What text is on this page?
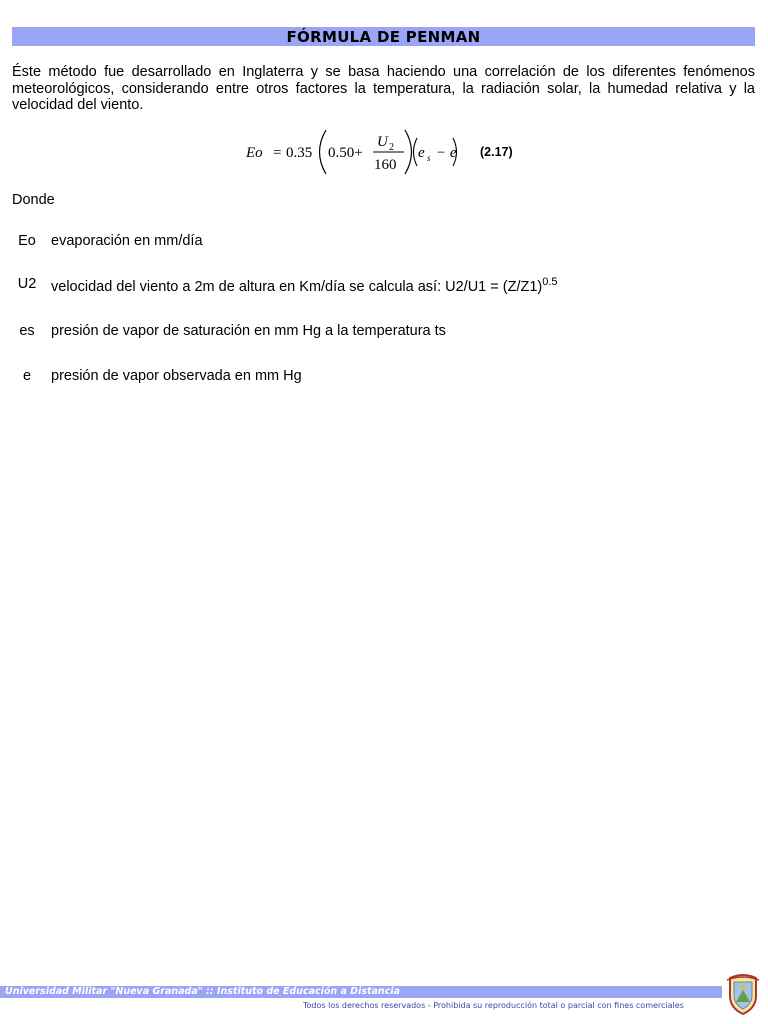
FÓRMULA DE PENMAN

Éste método fue desarrollado en Inglaterra y se basa haciendo una correlación de los diferentes fenómenos meteorológicos, considerando entre otros factores la temperatura, la radiación solar, la humedad relativa y la velocidad del viento.

Eo = 0.35 0.50+
U 2
160
e s − e (2.17)
Donde
Eo	evaporación en mm/día
U2	velocidad del viento a 2m de altura en Km/día se calcula así: $U2/U1 = (Z/Z1)^{0.5}$
es	presión de vapor de saturación en mm Hg a la temperatura ts
e	presión de vapor observada en mm Hg
Universidad Militar "Nueva Granada" :: Instituto de Educación a Distancia
Todos los derechos reservados - Prohibida su reproducción total o parcial con fines comerciales
